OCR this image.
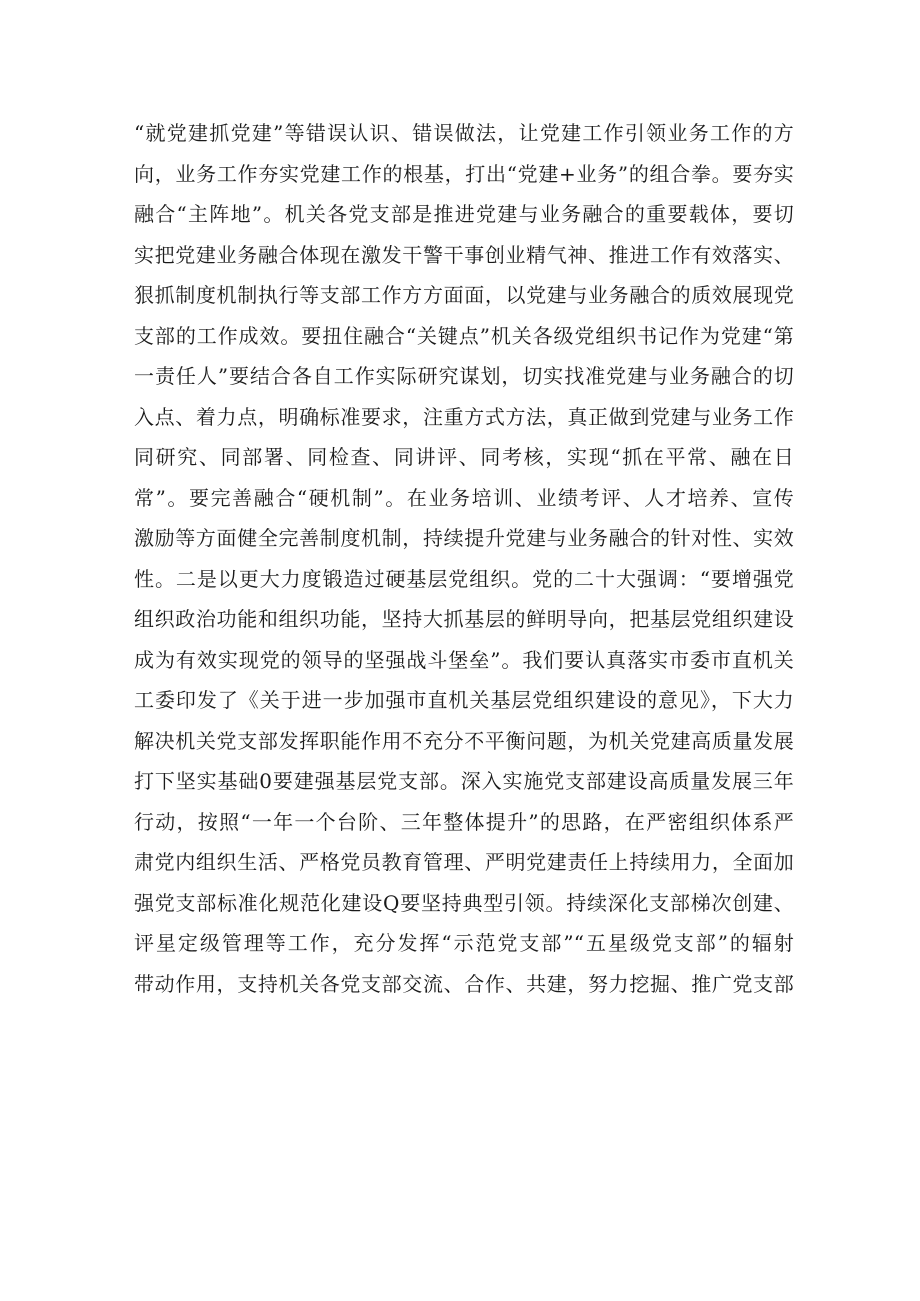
“就党建抓党建”等错误认识、错误做法，让党建工作引领业务工作的方
向，业务工作夯实党建工作的根基，打出“党建+业务”的组合拳。要夯实
融合“主阵地”。机关各党支部是推进党建与业务融合的重要载体，要切
实把党建业务融合体现在激发干警干事创业精气神、推进工作有效落实、
狠抓制度机制执行等支部工作方方面面，以党建与业务融合的质效展现党
支部的工作成效。要扭住融合“关键点”机关各级党组织书记作为党建“第
一责任人”要结合各自工作实际研究谋划，切实找准党建与业务融合的切
入点、着力点，明确标准要求，注重方式方法，真正做到党建与业务工作
同研究、同部署、同检查、同讲评、同考核，实现“抓在平常、融在日
常”。要完善融合“硬机制”。在业务培训、业绩考评、人才培养、宣传
激励等方面健全完善制度机制，持续提升党建与业务融合的针对性、实效
性。二是以更大力度锻造过硬基层党组织。党的二十大强调：“要增强党
组织政治功能和组织功能，坚持大抓基层的鲜明导向，把基层党组织建设
成为有效实现党的领导的坚强战斗堡垒”。我们要认真落实市委市直机关
工委印发了《关于进一步加强市直机关基层党组织建设的意见》，下大力
解决机关党支部发挥职能作用不充分不平衡问题，为机关党建高质量发展
打下坚实基础0要建强基层党支部。深入实施党支部建设高质量发展三年
行动，按照“一年一个台阶、三年整体提升”的思路，在严密组织体系严
肃党内组织生活、严格党员教育管理、严明党建责任上持续用力，全面加
强党支部标准化规范化建设Q要坚持典型引领。持续深化支部梯次创建、
评星定级管理等工作，充分发挥“示范党支部”“五星级党支部”的辐射
带动作用，支持机关各党支部交流、合作、共建，努力挖掘、推广党支部
